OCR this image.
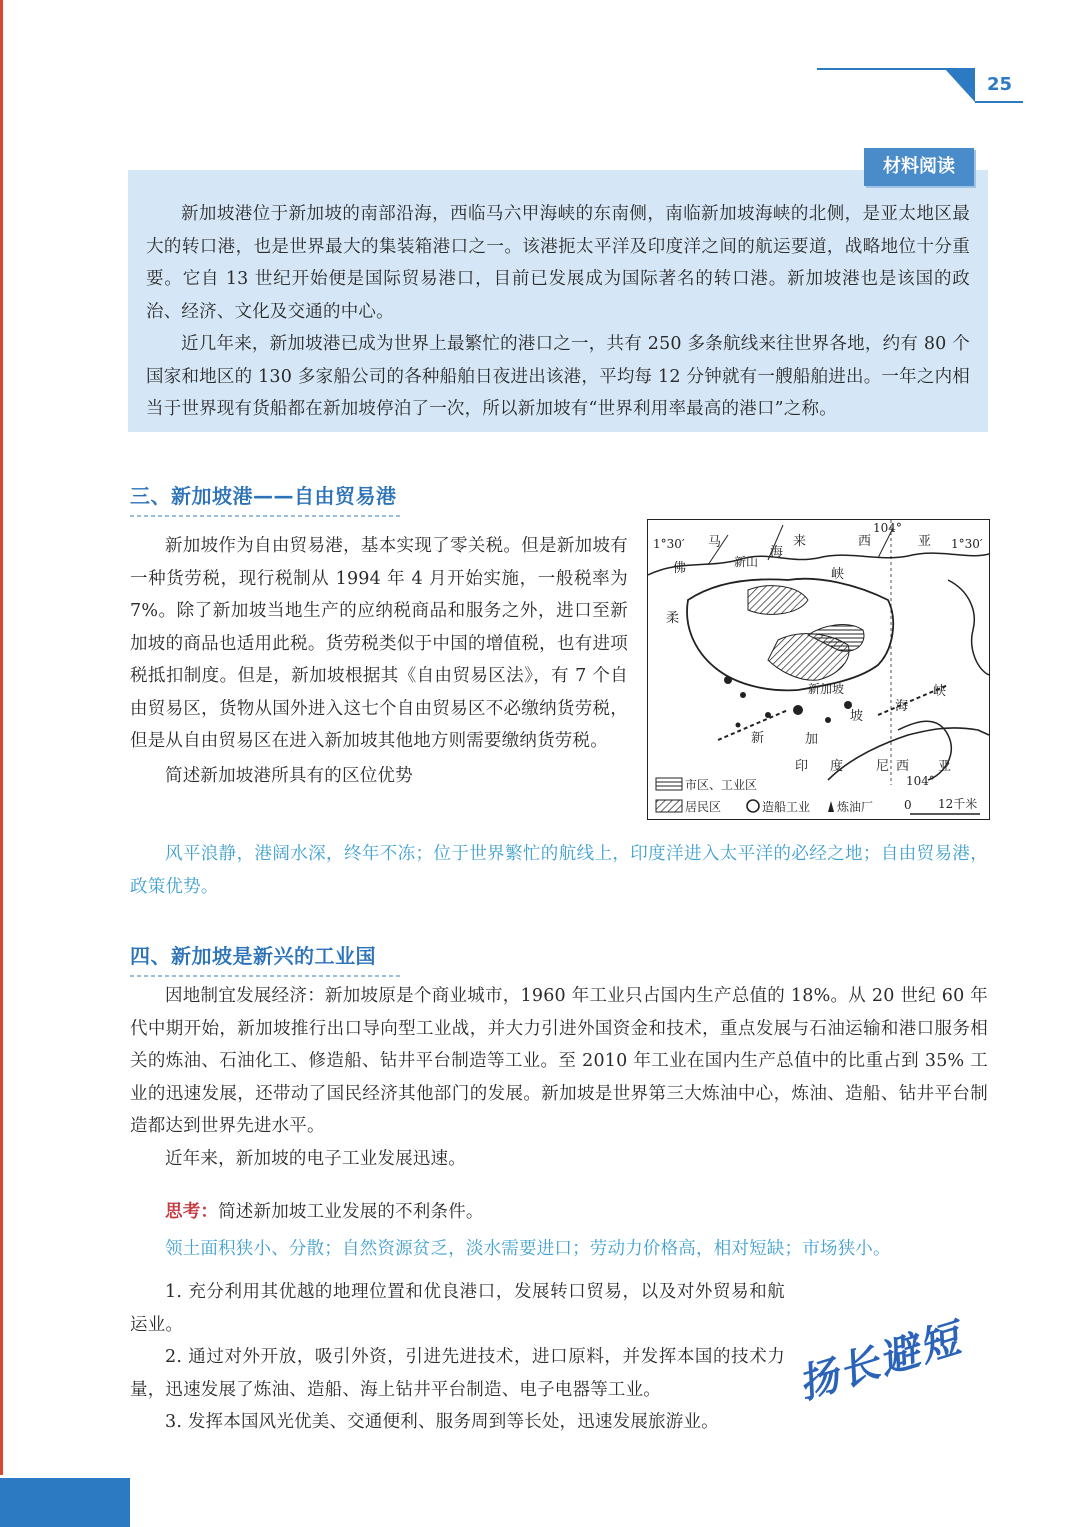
25
材料阅读

新加坡港位于新加坡的南部沿海，西临马六甲海峡的东南侧，南临新加坡海峡的北侧，是亚太地区最大的转口港，也是世界最大的集装箱港口之一。该港扼太平洋及印度洋之间的航运要道，战略地位十分重要。它自 13 世纪开始便是国际贸易港口，目前已发展成为国际著名的转口港。新加坡港也是该国的政治、经济、文化及交通的中心。

近几年来，新加坡港已成为世界上最繁忙的港口之一，共有 250 多条航线来往世界各地，约有 80 个国家和地区的 130 多家船公司的各种船舶日夜进出该港，平均每 12 分钟就有一艘船舶进出。一年之内相当于世界现有货船都在新加坡停泊了一次，所以新加坡有“世界利用率最高的港口”之称。

三、新加坡港——自由贸易港

新加坡作为自由贸易港，基本实现了零关税。但是新加坡有一种货劳税，现行税制从 1994 年 4 月开始实施，一般税率为 7%。除了新加坡当地生产的应纳税商品和服务之外，进口至新加坡的商品也适用此税。货劳税类似于中国的增值税，也有进项税抵扣制度。但是，新加坡根据其《自由贸易区法》，有 7 个自由贸易区，货物从国外进入这七个自由贸易区不必缴纳货劳税，但是从自由贸易区在进入新加坡其他地方则需要缴纳货劳税。

简述新加坡港所具有的区位优势

风平浪静，港阔水深，终年不冻；位于世界繁忙的航线上，印度洋进入太平洋的必经之地；自由贸易港，政策优势。

1°30′	1°30′
104°
104°
马	来	西	亚
佛	新山
海
峡
柔
新加坡
坡
海
峡
新	加
印 度	尼 西 亚
市区、工业区
居民区	造船工业 炼油厂	0 12千米
四、新加坡是新兴的工业国

因地制宜发展经济：新加坡原是个商业城市，1960 年工业只占国内生产总值的 18%。从 20 世纪 60 年代中期开始，新加坡推行出口导向型工业战，并大力引进外国资金和技术，重点发展与石油运输和港口服务相关的炼油、石油化工、修造船、钻井平台制造等工业。至 2010 年工业在国内生产总值中的比重占到 35% 工业的迅速发展，还带动了国民经济其他部门的发展。新加坡是世界第三大炼油中心，炼油、造船、钻井平台制造都达到世界先进水平。

近年来，新加坡的电子工业发展迅速。

思考：简述新加坡工业发展的不利条件。

领土面积狭小、分散；自然资源贫乏，淡水需要进口；劳动力价格高，相对短缺；市场狭小。

1. 充分利用其优越的地理位置和优良港口，发展转口贸易，以及对外贸易和航运业。

2. 通过对外开放，吸引外资，引进先进技术，进口原料，并发挥本国的技术力量，迅速发展了炼油、造船、海上钻井平台制造、电子电器等工业。

3. 发挥本国风光优美、交通便利、服务周到等长处，迅速发展旅游业。

扬长避短
